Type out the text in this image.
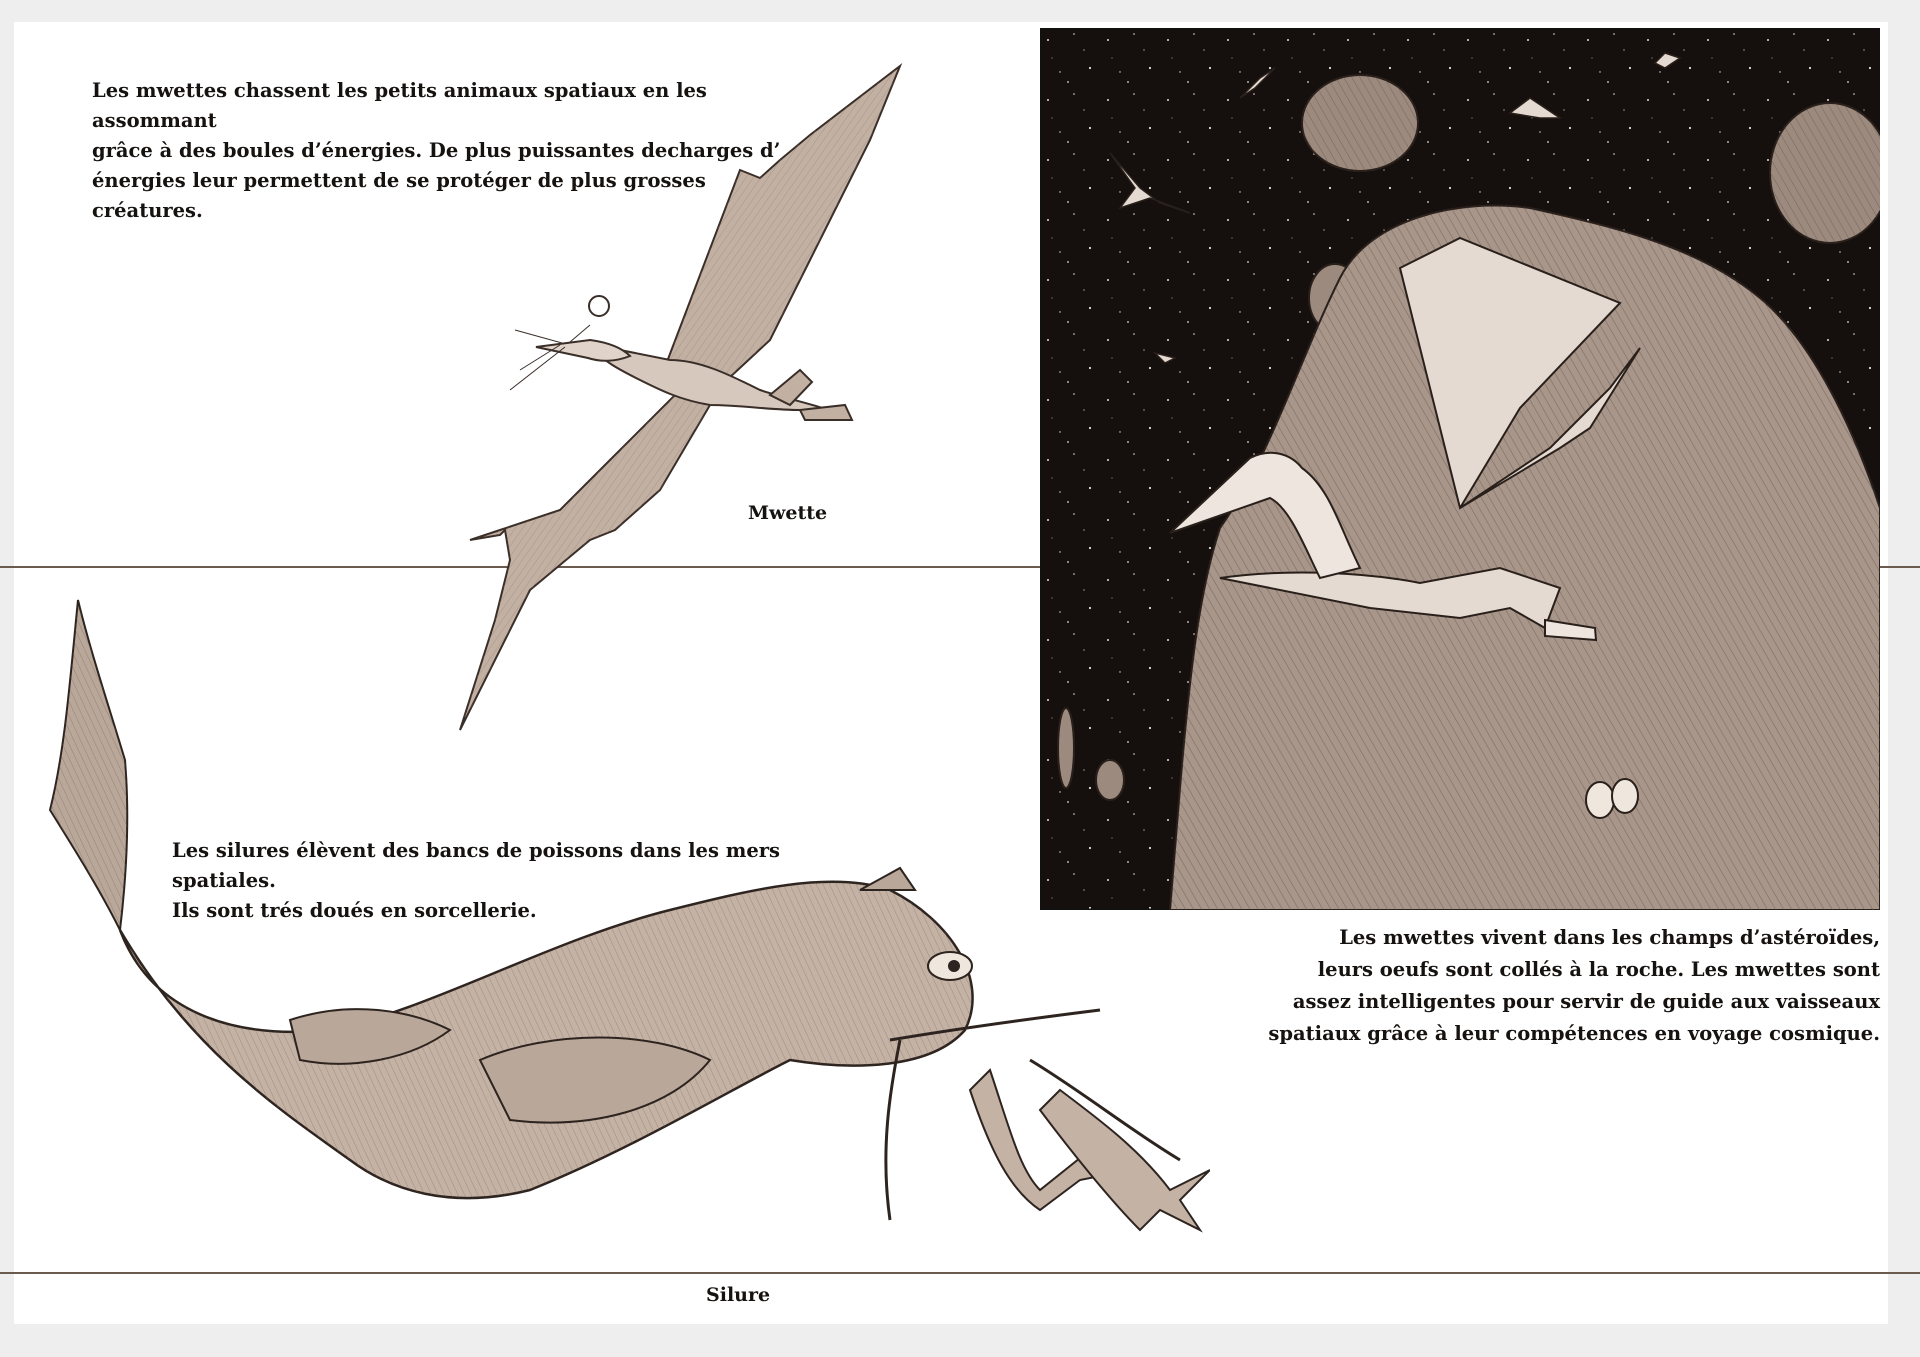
Les mwettes chassent les petits animaux spatiaux en les assommant

grâce à des boules d’énergies. De plus puissantes decharges d’

énergies leur permettent de se protéger de plus grosses

créatures.

Mwette

Les mwettes vivent dans les champs d’astéroïdes,

leurs oeufs sont collés à la roche. Les mwettes sont

assez intelligentes pour servir de guide aux vaisseaux

spatiaux grâce à leur compétences en voyage cosmique.

Les silures élèvent des bancs de poissons dans les mers spatiales.

Ils sont trés doués en sorcellerie.

Silure
